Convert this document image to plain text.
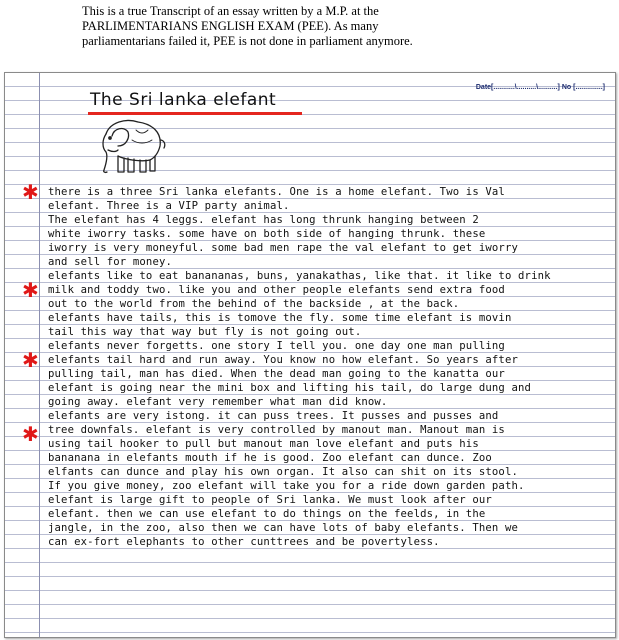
This is a true Transcript of an essay written by a M.P. at the
PARLIMENTARIANS ENGLISH EXAM (PEE). As many
parliamentarians failed it, PEE is not done in parliament anymore.
Date[...........\..........\..........] No [..............]
The Sri lanka elefant
✱
✱
✱
✱
there is a three Sri lanka elefants. One is a home elefant. Two is Val
elefant. Three is a VIP party animal.
The elefant has 4 leggs. elefant has long thrunk hanging between 2
white iworry tasks. some have on both side of hanging thrunk. these
iworry is very moneyful. some bad men rape the val elefant to get iworry
and sell for money.
elefants like to eat banananas, buns, yanakathas, like that. it like to drink
milk and toddy two. like you and other people elefants send extra food
out to the world from the behind of the backside , at the back.
elefants have tails, this is tomove the fly. some time elefant is movin
tail this way that way but fly is not going out.
elefants never forgetts. one story I tell you. one day one man pulling
elefants tail hard and run away. You know no how elefant. So years after
pulling tail, man has died. When the dead man going to the kanatta our
elefant is going near the mini box and lifting his tail, do large dung and
going away. elefant very remember what man did know.
elefants are very istong. it can puss trees. It pusses and pusses and
tree downfals. elefant is very controlled by manout man. Manout man is
using tail hooker to pull but manout man love elefant and puts his
bananana in elefants mouth if he is good. Zoo elefant can dunce. Zoo
elfants can dunce and play his own organ. It also can shit on its stool.
If you give money, zoo elefant will take you for a ride down garden path.
elefant is large gift to people of Sri lanka. We must look after our
elefant. then we can use elefant to do things on the feelds, in the
jangle, in the zoo, also then we can have lots of baby elefants. Then we
can ex-fort elephants to other cunttrees and be povertyless.
